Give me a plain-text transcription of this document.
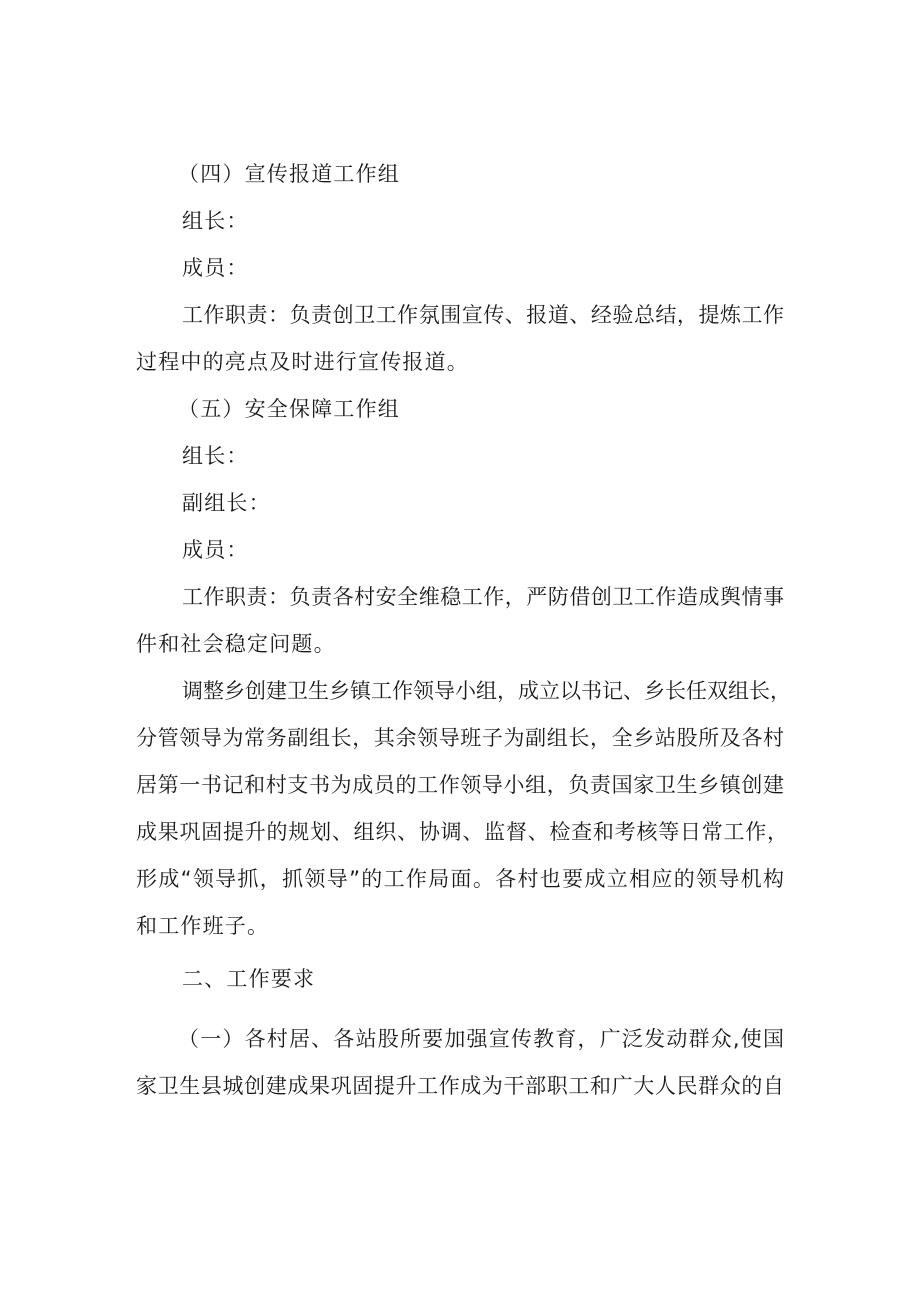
（四）宣传报道工作组
组长：
成员：
工作职责：负责创卫工作氛围宣传、报道、经验总结，提炼工作
过程中的亮点及时进行宣传报道。
（五）安全保障工作组
组长：
副组长：
成员：
工作职责：负责各村安全维稳工作，严防借创卫工作造成舆情事
件和社会稳定问题。
调整乡创建卫生乡镇工作领导小组，成立以书记、乡长任双组长，
分管领导为常务副组长，其余领导班子为副组长，全乡站股所及各村
居第一书记和村支书为成员的工作领导小组，负责国家卫生乡镇创建
成果巩固提升的规划、组织、协调、监督、检查和考核等日常工作，
形成“领导抓，抓领导”的工作局面。各村也要成立相应的领导机构
和工作班子。
二、工作要求
（一）各村居、各站股所要加强宣传教育，广泛发动群众,使国
家卫生县城创建成果巩固提升工作成为干部职工和广大人民群众的自
